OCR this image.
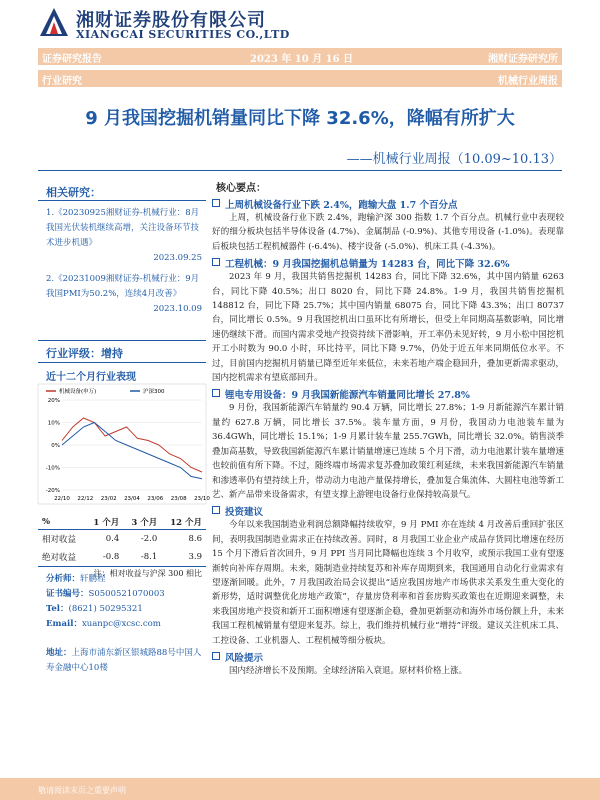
湘财证券股份有限公司
XIANGCAI SECURITIES CO.,LTD
证券研究报告	2023 年 10 月 16 日	湘财证券研究所
行业研究	机械行业周报
9 月我国挖掘机销量同比下降 32.6%，降幅有所扩大
——机械行业周报（10.09~10.13）
相关研究：
1.《20230925湘财证券-机械行业：8月我国光伏装机继续高增，关注设备环节技术进步机遇》
2023.09.25
2.《20231009湘财证券-机械行业：9月我国PMI为50.2%，连续4月改善》
2023.10.09
行业评级：增持
近十二个月行业表现
20%
10%
0%
-10%
-20%
22/10 22/12 23/02 23/04 23/06 23/08 23/10
机械设备(申万)	沪深300
%	1 个月	3 个月	12 个月
相对收益	0.4	-2.0	8.6
绝对收益	-0.8	-8.1	3.9
注：相对收益与沪深 300 相比
分析师：轩鹏程
证书编号：S0500521070003
Tel：(8621) 50295321
Email：xuanpc@xcsc.com
地址：上海市浦东新区银城路88号中国人寿金融中心10楼
核心要点：
上周机械设备行业下跌 2.4%，跑输大盘 1.7 个百分点

上周，机械设备行业下跌 2.4%，跑输沪深 300 指数 1.7 个百分点。机械行业中表现较好的细分板块包括半导体设备 (4.7%)、金属制品 (-0.9%)、其他专用设备 (-1.0%)。表现靠后板块包括工程机械器件 (-6.4%)、楼宇设备 (-5.0%)、机床工具 (-4.3%)。

工程机械：9 月我国挖掘机总销量为 14283 台，同比下降 32.6%

2023 年 9 月，我国共销售挖掘机 14283 台，同比下降 32.6%，其中国内销量 6263 台，同比下降 40.5%；出口 8020 台，同比下降 24.8%。1-9 月，我国共销售挖掘机 148812 台，同比下降 25.7%；其中国内销量 68075 台，同比下降 43.3%；出口 80737 台，同比增长 0.5%。9 月我国挖机出口虽环比有所增长，但受上年同期高基数影响，同比增速仍继续下滑。而国内需求受地产投资持续下滑影响，开工率仍未见好转，9 月小松中国挖机开工小时数为 90.0 小时，环比持平，同比下降 9.7%，仍处于近五年来同期低位水平。不过，目前国内挖掘机月销量已降至近年来低位，未来若地产端企稳回升，叠加更新需求驱动，国内挖机需求有望底部回升。

锂电专用设备：9 月我国新能源汽车销量同比增长 27.8%

9 月份，我国新能源汽车销量约 90.4 万辆，同比增长 27.8%；1-9 月新能源汽车累计销量约 627.8 万辆，同比增长 37.5%。装车量方面，9 月份，我国动力电池装车量为 36.4GWh，同比增长 15.1%；1-9 月累计装车量 255.7GWh，同比增长 32.0%。销售淡季叠加高基数，导致我国新能源汽车累计销量增速已连续 5 个月下滑，动力电池累计装车量增速也较前值有所下降。不过，随终端市场需求复苏叠加政策红利延续，未来我国新能源汽车销量和渗透率仍有望持续上升，带动动力电池产量保持增长，叠加复合集流体、大圆柱电池等新工艺、新产品带来设备需求，有望支撑上游锂电设备行业保持较高景气。

投资建议

今年以来我国制造业利润总额降幅持续收窄，9 月 PMI 亦在连续 4 月改善后重回扩张区间，表明我国制造业需求正在持续改善。同时，8 月我国工业企业产成品存货同比增速在经历 15 个月下滑后首次回升，9 月 PPI 当月同比降幅也连续 3 个月收窄，或预示我国工业有望逐渐转向补库存周期。未来，随制造业持续复苏和补库存周期到来，我国通用自动化行业需求有望逐渐回暖。此外，7 月我国政治局会议提出“适应我国房地产市场供求关系发生重大变化的新形势，适时调整优化房地产政策”，存量房贷利率和首套房购买政策也在近期迎来调整，未来我国房地产投资和新开工面积增速有望逐渐企稳，叠加更新驱动和海外市场份额上升，未来我国工程机械销量有望迎来复苏。综上，我们维持机械行业“增持”评级。建议关注机床工具、工控设备、工业机器人、工程机械等细分板块。

风险提示

国内经济增长不及预期。全球经济陷入衰退。原材料价格上涨。

敬请阅读末页之重要声明
